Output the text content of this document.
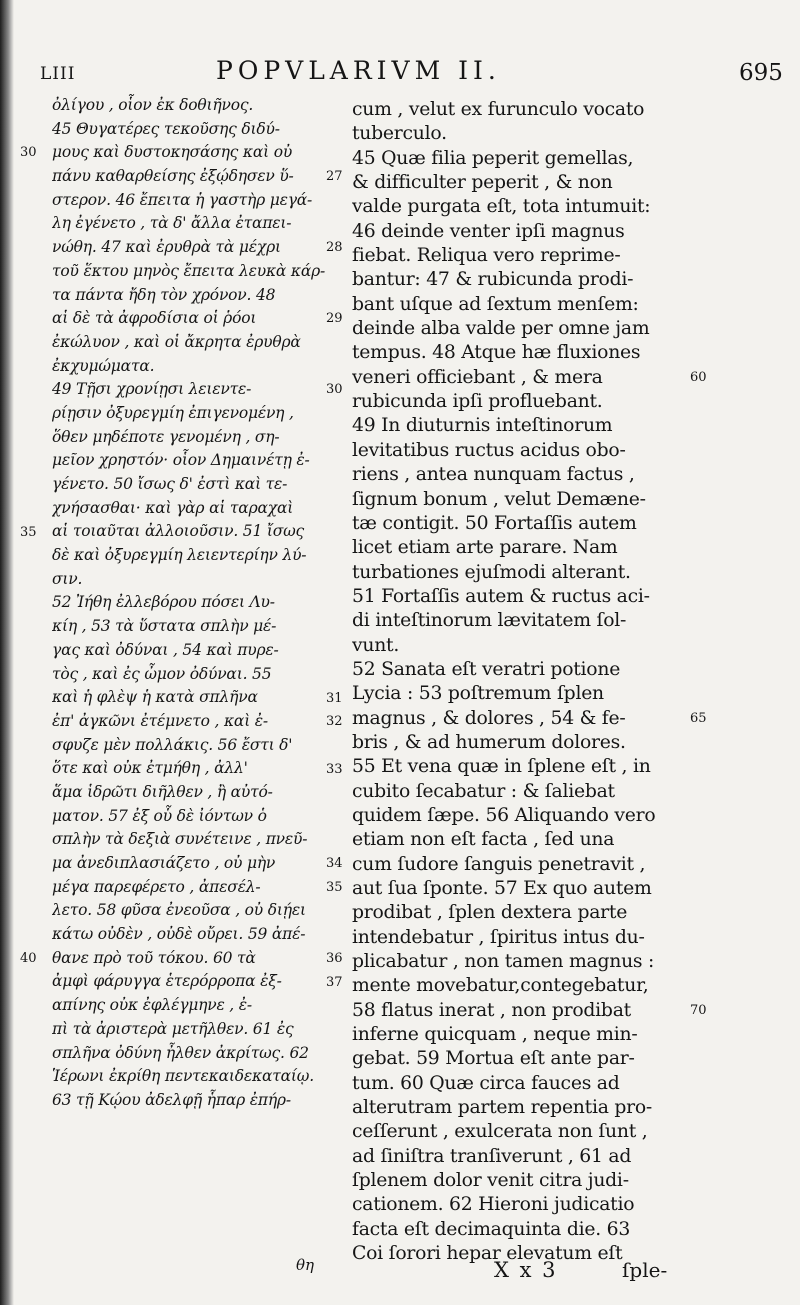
LIII	POPVLARIVM II.	695
30
35
40
ὀλίγου , οἷον ἐκ δοθιῆνος.
45 Θυγατέρες τεκοῦσης διδύ-
μους καὶ δυστοκησάσης καὶ οὐ
πάνυ καθαρθείσης ἐξῴδησεν ὕ-
στερον. 46 ἔπειτα ἡ γαστὴρ μεγά-
λη ἐγένετο , τὰ δ' ἄλλα ἐταπει-
νώθη. 47 καὶ ἐρυθρὰ τὰ μέχρι
τοῦ ἕκτου μηνὸς ἔπειτα λευκὰ κάρ-
τα πάντα ἤδη τὸν χρόνον. 48
αἱ δὲ τὰ ἀφροδίσια οἱ ῥόοι
ἐκώλυον , καὶ οἱ ἄκρητα ἐρυθρὰ
ἐκχυμώματα.
49 Τῇσι χρονίῃσι λειεντε-
ρίῃσιν ὀξυρεγμίη ἐπιγενομένη ,
ὅθεν μηδέποτε γενομένη , ση-
μεῖον χρηστόν· οἷον Δημαινέτῃ ἐ-
γένετο. 50 ἴσως δ' ἐστὶ καὶ τε-
χνήσασθαι· καὶ γὰρ αἱ ταραχαὶ
αἱ τοιαῦται ἀλλοιοῦσιν. 51 ἴσως
δὲ καὶ ὀξυρεγμίη λειεντερίην λύ-
σιν.
52 Ἰήθη ἐλλεβόρου πόσει Λυ-
κίη , 53 τὰ ὕστατα σπλὴν μέ-
γας καὶ ὀδύναι , 54 καὶ πυρε-
τὸς , καὶ ἐς ὦμον ὀδύναι. 55
καὶ ἡ φλὲψ ἡ κατὰ σπλῆνα
ἐπ' ἀγκῶνι ἐτέμνετο , καὶ ἐ-
σφυζε μὲν πολλάκις. 56 ἔστι δ'
ὅτε καὶ οὐκ ἐτμήθη , ἀλλ'
ἅμα ἱδρῶτι διῆλθεν , ἢ αὐτό-
ματον. 57 ἐξ οὗ δὲ ἰόντων ὁ
σπλὴν τὰ δεξιὰ συνέτεινε , πνεῦ-
μα ἀνεδιπλασιάζετο , οὐ μὴν
μέγα παρεφέρετο , ἀπεσέλ-
λετο. 58 φῦσα ἐνεοῦσα , οὐ διῄει
κάτω οὐδὲν , οὐδὲ οὔρει. 59 ἀπέ-
θανε πρὸ τοῦ τόκου. 60 τὰ
ἀμφὶ φάρυγγα ἑτερόρροπα ἐξ-
απίνης οὐκ ἐφλέγμηνε , ἐ-
πὶ τὰ ἀριστερὰ μετῆλθεν. 61 ἐς
σπλῆνα ὀδύνη ἦλθεν ἀκρίτως. 62
Ἱέρωνι ἐκρίθη πεντεκαιδεκαταίῳ.
63 τῇ Κῴου ἀδελφῇ ἧπαρ ἐπήρ-
27
28
29
30
31
32
33
34
35
36
37
cum , velut ex furunculo vocato
tuberculo.
45 Quæ filia peperit gemellas,
& difficulter peperit , & non
valde purgata eſt, tota intumuit:
46 deinde venter ipſi magnus
fiebat. Reliqua vero reprime-
bantur: 47 & rubicunda prodi-
bant uſque ad ſextum menſem:
deinde alba valde per omne jam
tempus. 48 Atque hæ fluxiones
veneri officiebant , & mera
rubicunda ipſi profluebant.
49 In diuturnis inteſtinorum
levitatibus ructus acidus obo-
riens , antea nunquam factus ,
ſignum bonum , velut Demæne-
tæ contigit. 50 Fortaſſis autem
licet etiam arte parare. Nam
turbationes ejuſmodi alterant.
51 Fortaſſis autem & ructus aci-
di inteſtinorum lævitatem ſol-
vunt.
52 Sanata eſt veratri potione
Lycia : 53 poſtremum ſplen
magnus , & dolores , 54 & fe-
bris , & ad humerum dolores.
55 Et vena quæ in ſplene eſt , in
cubito ſecabatur : & ſaliebat
quidem ſæpe. 56 Aliquando vero
etiam non eſt facta , ſed una
cum ſudore ſanguis penetravit ,
aut ſua ſponte. 57 Ex quo autem
prodibat , ſplen dextera parte
intendebatur , ſpiritus intus du-
plicabatur , non tamen magnus :
mente movebatur,contegebatur,
58 flatus inerat , non prodibat
inferne quicquam , neque min-
gebat. 59 Mortua eſt ante par-
tum. 60 Quæ circa fauces ad
alterutram partem repentia pro-
ceſſerunt , exulcerata non ſunt ,
ad ſiniſtra tranſiverunt , 61 ad
ſplenem dolor venit citra judi-
cationem. 62 Hieroni judicatio
facta eſt decimaquinta die. 63
Coi ſorori hepar elevatum eſt
60
65
70
θη	X x 3	ſple-
